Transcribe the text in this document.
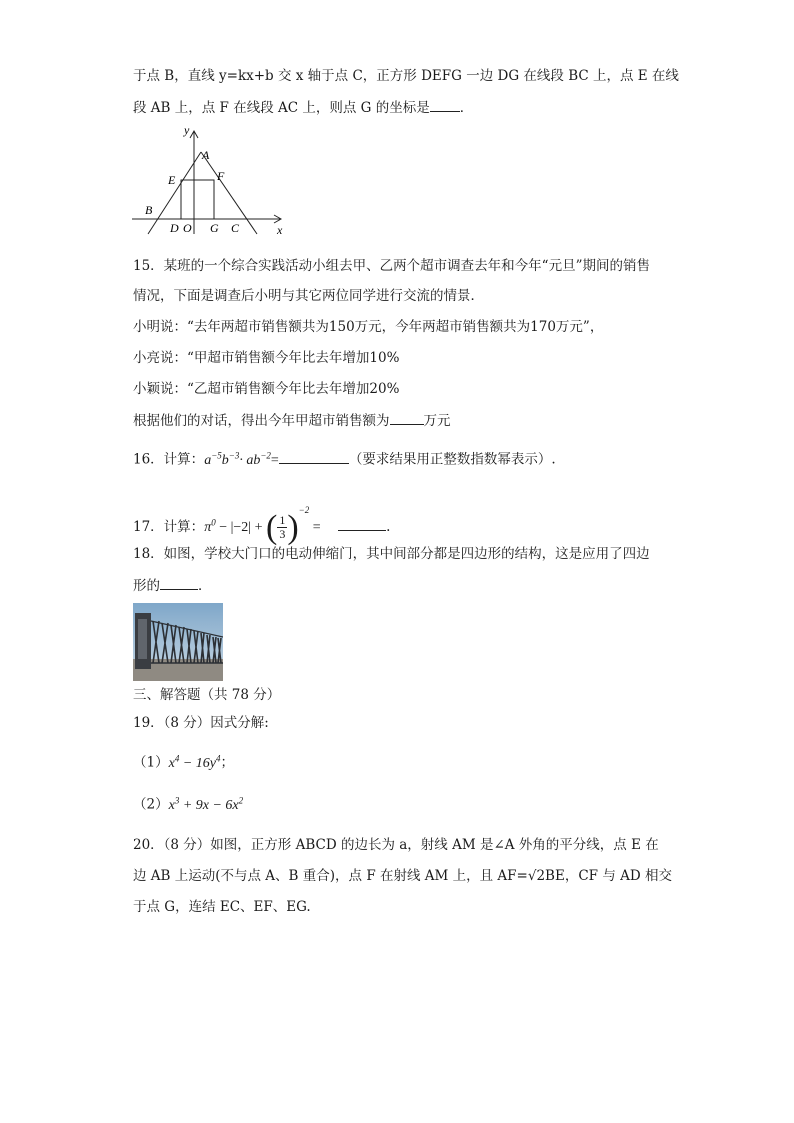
于点 B，直线 y=kx+b 交 x 轴于点 C，正方形 DEFG 一边 DG 在线段 BC 上，点 E 在线
段 AB 上，点 F 在线段 AC 上，则点 G 的坐标是 ．
y
A
E	F
B
D O G C	x
15．某班的一个综合实践活动小组去甲、乙两个超市调查去年和今年“元旦”期间的销售
情况，下面是调查后小明与其它两位同学进行交流的情景．
小明说：“去年两超市销售额共为150万元，今年两超市销售额共为170万元”，
小亮说：“甲超市销售额今年比去年增加10%
小颖说：“乙超市销售额今年比去年增加20%
根据他们的对话，得出今年甲超市销售额为	万元
16．计算：$a^{-5}b^{-3}\cdot ab^{-2}=$	（要求结果用正整数指数幂表示）.
17．计算：$\pi^0 - |-2|$ + ( $\frac{1}{3} )^{-2}$ =	.
18．如图，学校大门口的电动伸缩门，其中间部分都是四边形的结构，这是应用了四边
形的	．
三、解答题（共 78 分）
19．（8 分）因式分解:
$(1)x^4 - 16y^4$；
$(2)x^3 + 9x - 6x^2$
20．（8 分）如图，正方形 ABCD 的边长为 a，射线 AM 是∠A 外角的平分线，点 E 在
边 AB 上运动(不与点 A、B 重合)，点 F 在射线 AM 上，且 AF=√2BE，CF 与 AD 相交
于点 G，连结 EC、EF、EG.
